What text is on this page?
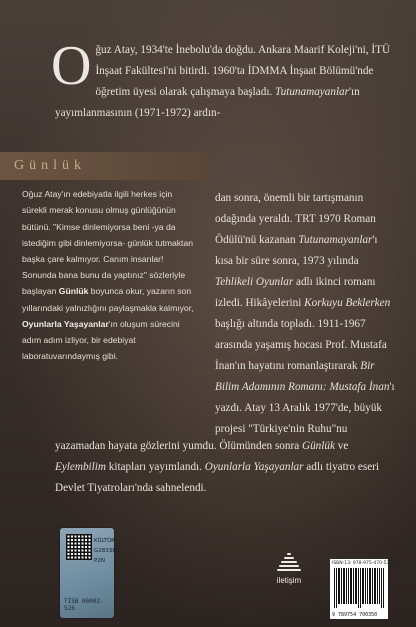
Oğuz Atay, 1934'te İnebolu'da doğdu. Ankara Maarif Koleji'ni, İTÜ İnşaat Fakültesi'ni bitirdi. 1960'ta İDMMA İnşaat Bölümü'nde öğretim üyesi olarak çalışmaya başladı. Tutunamayanlar'ın yayımlanmasının (1971-1972) ardın-

Günlük
Oğuz Atay'ın edebiyatla ilgili herkes için sürekli merak konusu olmuş günlüğünün bütünü. "Kimse dinlemiyorsa beni -ya da istediğim gibi dinlemiyorsa- günlük tutmaktan başka çare kalmıyor. Canım insanlar! Sonunda bana bunu da yaptınız" sözleriyle başlayan Günlük boyunca okur, yazarın son yıllarındaki yalnızlığını paylaşmakla kalmıyor, Oyunlarla Yaşayanlar'ın oluşum sürecini adım adım izliyor, bir edebiyat laboratuvarındaymış gibi.
dan sonra, önemli bir tartışmanın odağında yeraldı. TRT 1970 Roman Ödülü'nü kazanan Tutunamayanlar'ı kısa bir süre sonra, 1973 yılında Tehlikeli Oyunlar adlı ikinci romanı izledi. Hikâyelerini Korkuyu Beklerken başlığı altında topladı. 1911-1967 arasında yaşamış hocası Prof. Mustafa İnan'ın hayatını romanlaştırarak Bir Bilim Adamının Romanı: Mustafa İnan'ı yazdı. Atay 13 Aralık 1977'de, büyük projesi "Türkiye'nin Ruhu"nu
yazamadan hayata gözlerini yumdu. Ölümünden sonra Günlük ve Eylembilim kitapları yayımlandı. Oyunlarla Yaşayanlar adlı tiyatro eseri Devlet Tiyatroları'nda sahnelendi.
KÜLTÜR
G283380
P2N
TİSB 00002-526
iletişim
ISBN-13: 978-975-470-535-0
9 789754 700350
